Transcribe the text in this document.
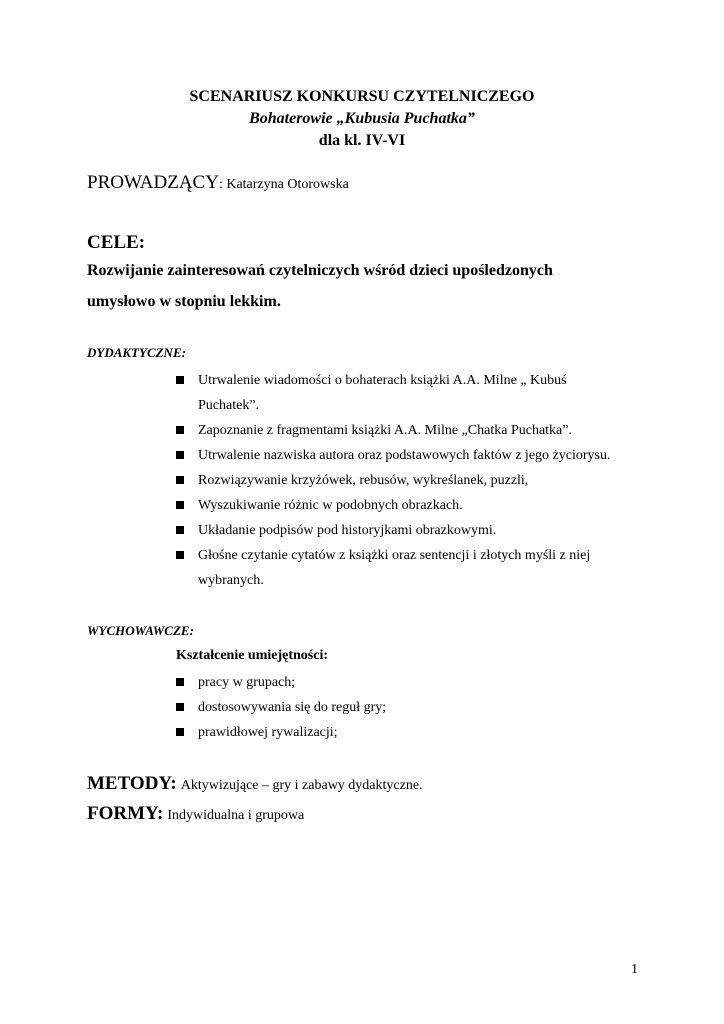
SCENARIUSZ KONKURSU CZYTELNICZEGO
Bohaterowie „Kubusia Puchatka”
dla kl. IV-VI
PROWADZĄCY: Katarzyna Otorowska
CELE:
Rozwijanie zainteresowań czytelniczych wśród dzieci upośledzonych
umysłowo w stopniu lekkim.
DYDAKTYCZNE:
Utrwalenie wiadomości o bohaterach książki A.A. Milne „ Kubuś
Puchatek”.
Zapoznanie z fragmentami książki A.A. Milne „Chatka Puchatka”.
Utrwalenie nazwiska autora oraz podstawowych faktów z jego życiorysu.
Rozwiązywanie krzyżówek, rebusów, wykreślanek, puzzli,
Wyszukiwanie różnic w podobnych obrazkach.
Układanie podpisów pod historyjkami obrazkowymi.
Głośne czytanie cytatów z książki oraz sentencji i złotych myśli z niej
wybranych.
WYCHOWAWCZE:
Kształcenie umiejętności:
pracy w grupach;
dostosowywania się do reguł gry;
prawidłowej rywalizacji;
METODY: Aktywizujące – gry i zabawy dydaktyczne.
FORMY: Indywidualna i grupowa
1
